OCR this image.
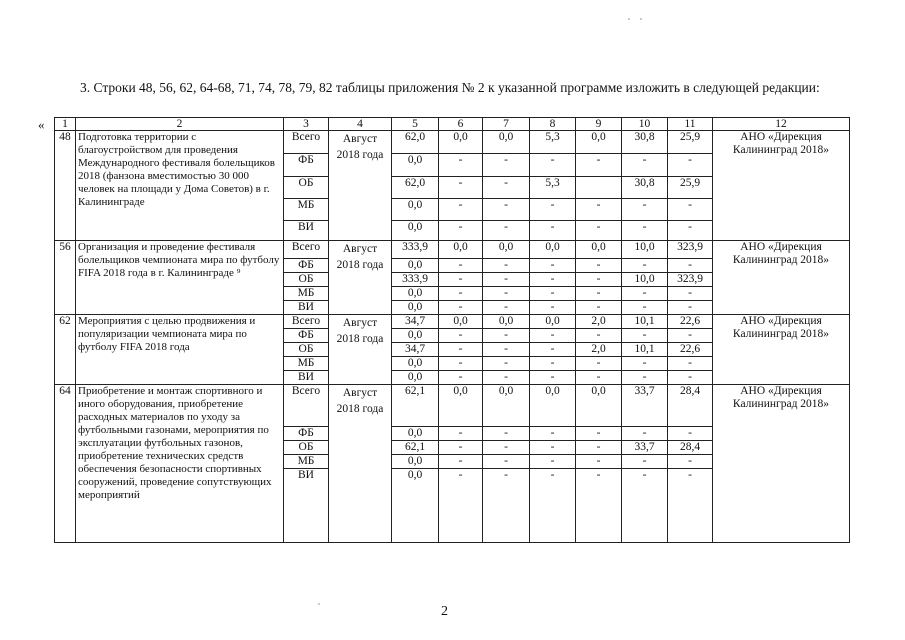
3. Строки 48, 56, 62, 64-68, 71, 74, 78, 79, 82 таблицы приложения № 2 к указанной программе изложить в следующей редакции:
« 1	2	3	4	5	6	7	8	9	10	11	12
48	Подготовка территории с благоустройством для проведения Международного фестиваля болельщиков 2018 (фанзона вместимостью 30 000 человек на площади у Дома Советов) в г. Калининграде	Всего	Август 2018 года	62,0	0,0	0,0	5,3	0,0	30,8	25,9	АНО «Дирекция Калининград 2018»
		ФБ		0,0	-	-	-	-	-	-	
		ОБ		62,0	-	-	5,3		30,8	25,9	
		МБ		0,0	-	-	-	-	-	-	
		ВИ		0,0	-	-	-	-	-	-	
56	Организация и проведение фестиваля болельщиков чемпионата мира по футболу FIFA 2018 года в г. Калининграде ⁹	Всего	Август 2018 года	333,9	0,0	0,0	0,0	0,0	10,0	323,9	АНО «Дирекция Калининград 2018»
		ФБ		0,0	-	-	-	-	-	-	
		ОБ		333,9	-	-	-	-	10,0	323,9	
		МБ		0,0	-	-	-	-	-	-	
		ВИ		0,0	-	-	-	-	-	-	
62	Мероприятия с целью продвижения и популяризации чемпионата мира по футболу FIFA 2018 года	Всего	Август 2018 года	34,7	0,0	0,0	0,0	2,0	10,1	22,6	АНО «Дирекция Калининград 2018»
		ФБ		0,0	-	-	-	-	-	-	
		ОБ		34,7	-	-	-	2,0	10,1	22,6	
		МБ		0,0	-	-	-	-	-	-	
		ВИ		0,0	-	-	-	-	-	-	
64	Приобретение и монтаж спортивного и иного оборудования, приобретение расходных материалов по уходу за футбольными газонами, мероприятия по эксплуатации футбольных газонов, приобретение технических средств обеспечения безопасности спортивных сооружений, проведение сопутствующих мероприятий	Всего	Август 2018 года	62,1	0,0	0,0	0,0	0,0	33,7	28,4	АНО «Дирекция Калининград 2018»
		ФБ		0,0	-	-	-	-	-	-	
		ОБ		62,1	-	-	-	-	33,7	28,4	
		МБ		0,0	-	-	-	-	-	-	
		ВИ		0,0	-	-	-	-	-	-	
2
